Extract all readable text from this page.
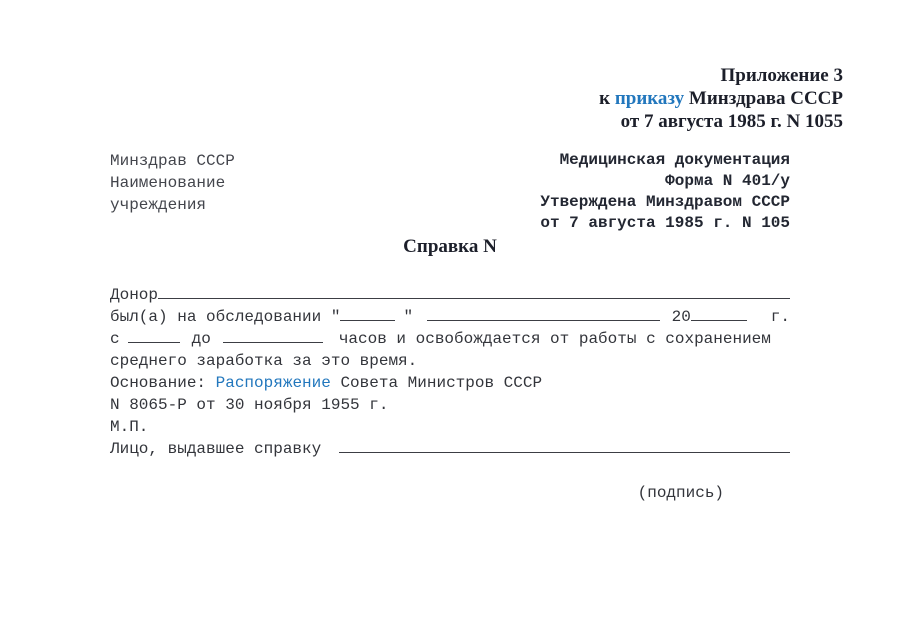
Приложение 3
к приказу Минздрава СССР
от 7 августа 1985 г. N 1055
Минздрав СССР
Наименование
учреждения
Медицинская документация
Форма N 401/у
Утверждена Минздравом СССР
от 7 августа 1985 г. N 105
Справка N
Донор
был(а) на обследовании "	"	20	г.
с	до	часов и освобождается от работы с сохранением
среднего заработка за это время.
Основание: Распоряжение Совета Министров СССР
N 8065-Р от 30 ноября 1955 г.
М.П.
Лицо, выдавшее справку

(подпись)
